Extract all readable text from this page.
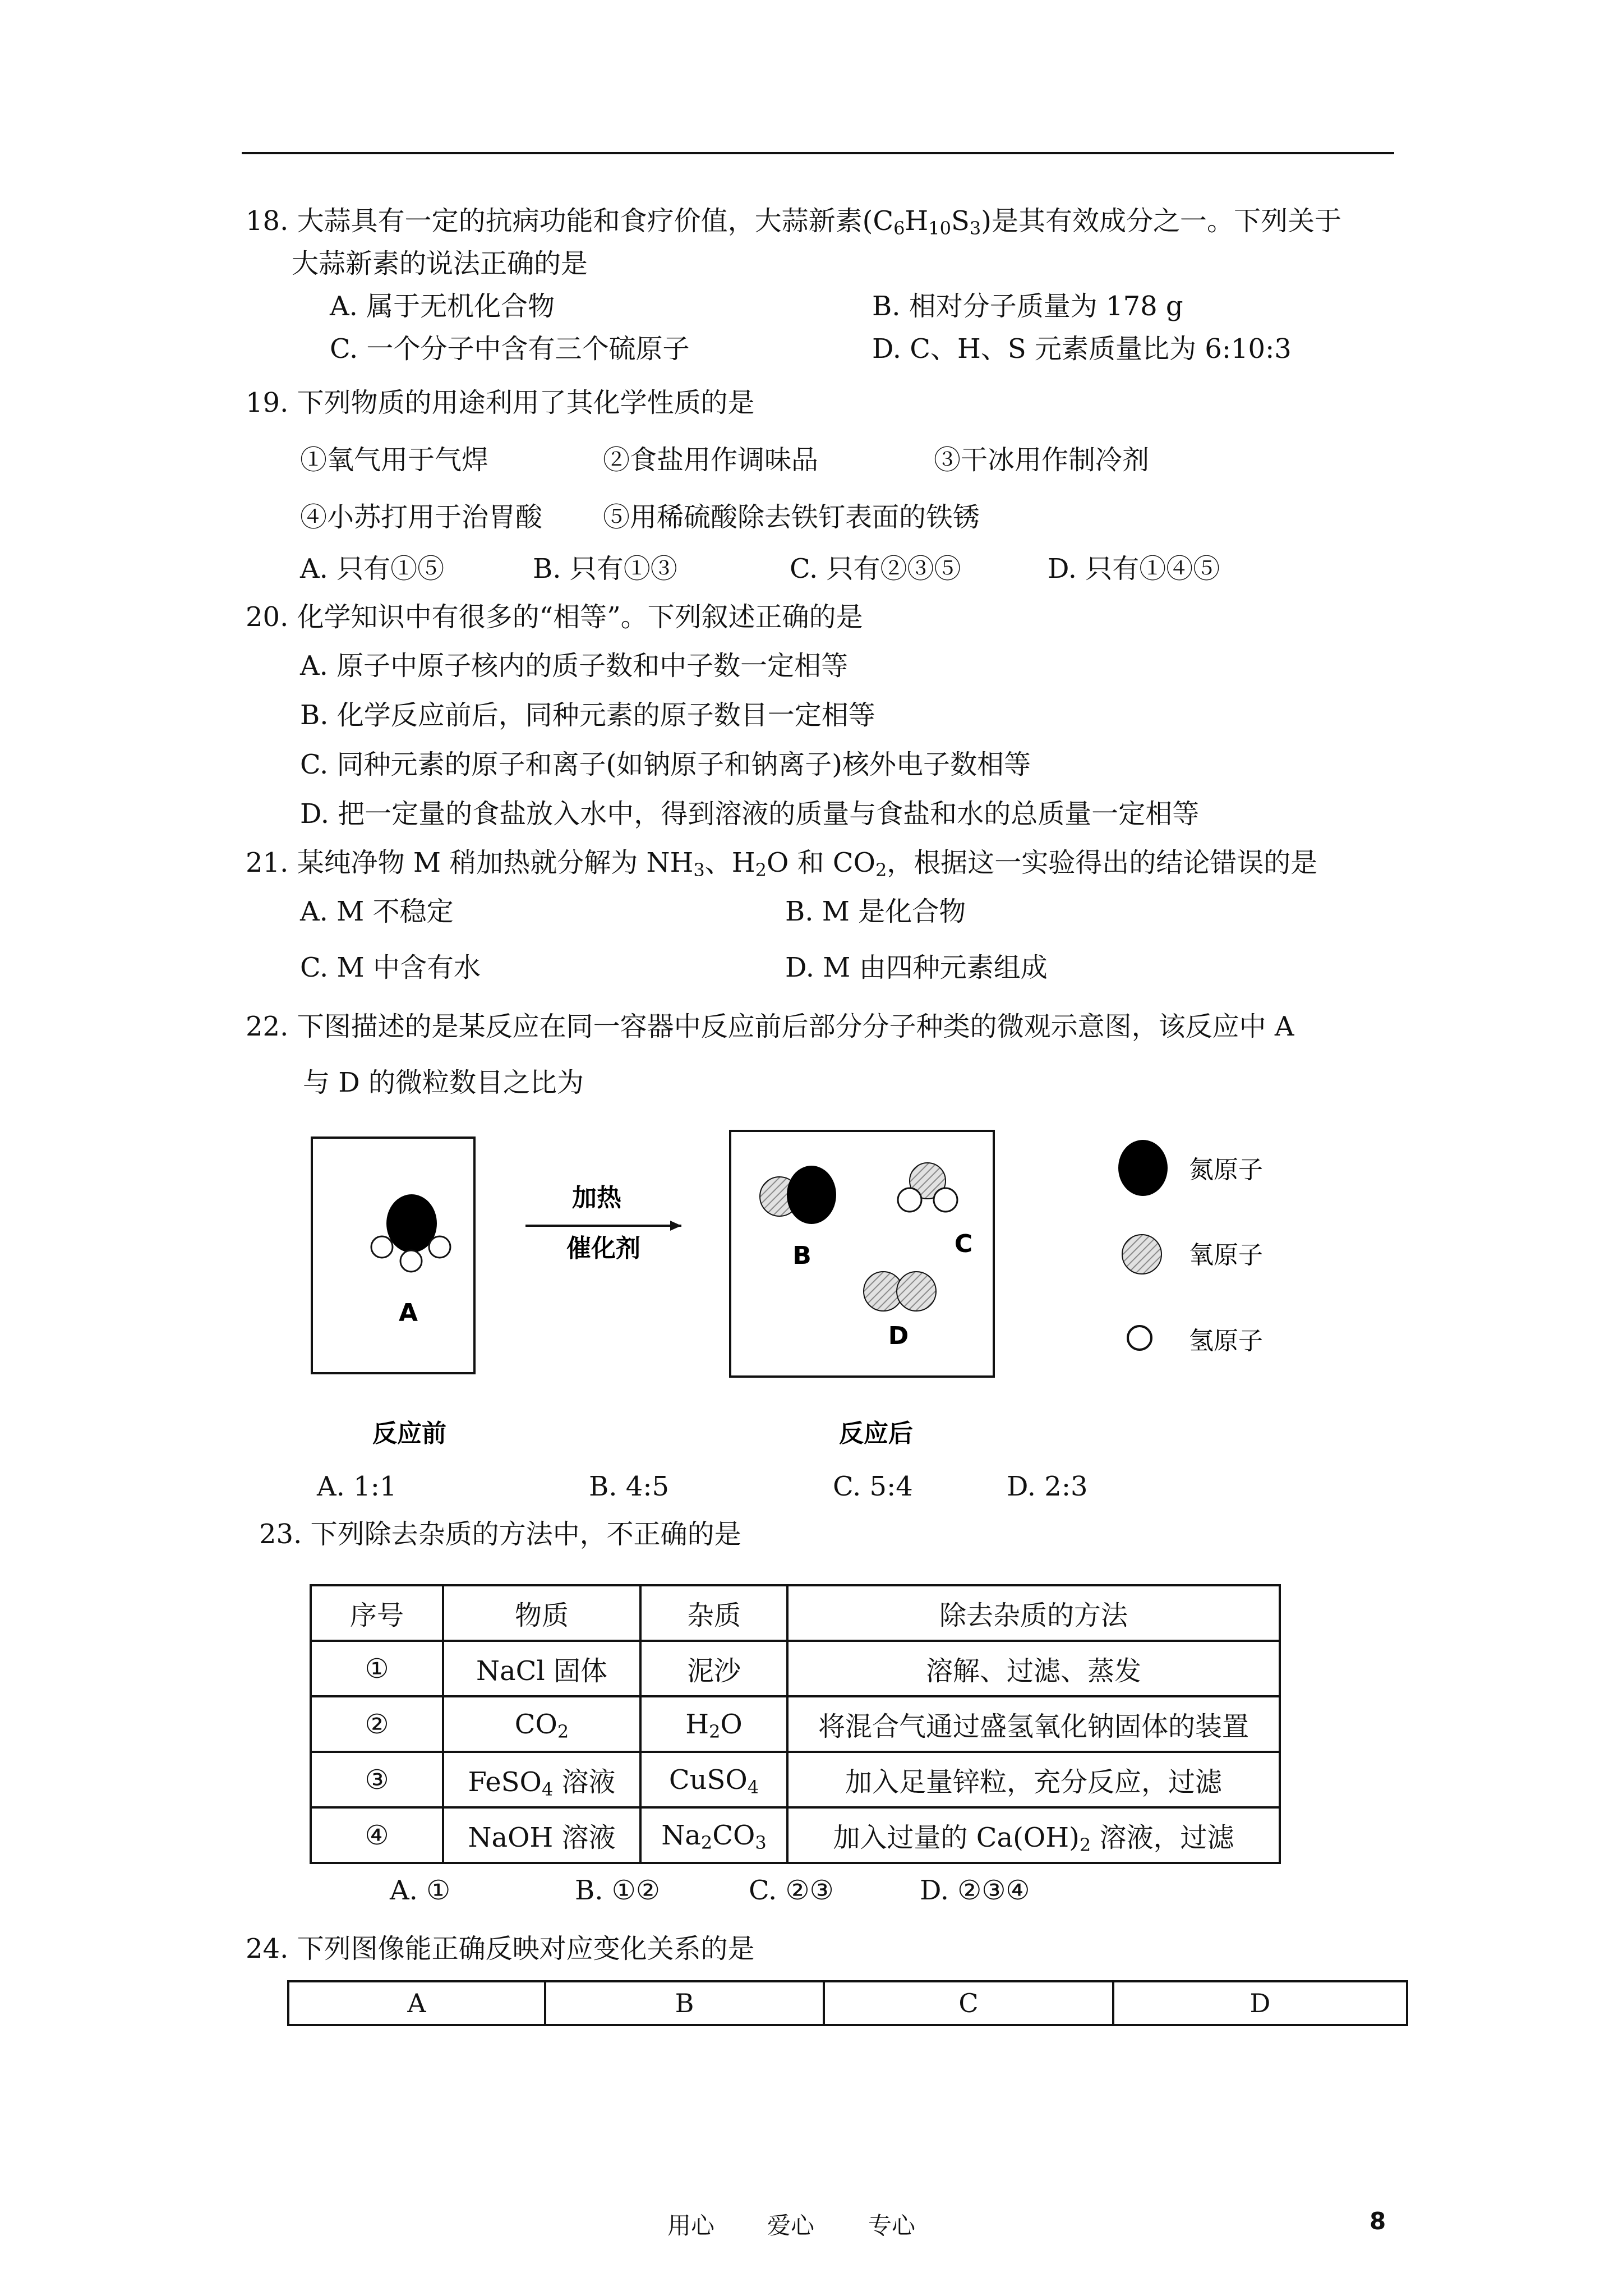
18. 大蒜具有一定的抗病功能和食疗价值，大蒜新素$(C_6H_{10}S_3)$是其有效成分之一。下列关于
大蒜新素的说法正确的是
A. 属于无机化合物	B. 相对分子质量为 178 g
C. 一个分子中含有三个硫原子	D. C、H、S 元素质量比为 6:10:3
19. 下列物质的用途利用了其化学性质的是
①氧气用于气焊	②食盐用作调味品	③干冰用作制冷剂
④小苏打用于治胃酸 ⑤用稀硫酸除去铁钉表面的铁锈
A. 只有①⑤	B. 只有①③	C. 只有②③⑤	D. 只有①④⑤
20. 化学知识中有很多的“相等”。下列叙述正确的是
A. 原子中原子核内的质子数和中子数一定相等
B. 化学反应前后，同种元素的原子数目一定相等
C. 同种元素的原子和离子(如钠原子和钠离子)核外电子数相等
D. 把一定量的食盐放入水中，得到溶液的质量与食盐和水的总质量一定相等
21. 某纯净物 M 稍加热就分解为 $NH_3$、$H_2O$ 和 $CO_2$，根据这一实验得出的结论错误的是
A. M 不稳定	B. M 是化合物
C. M 中含有水	D. M 由四种元素组成
22. 下图描述的是某反应在同一容器中反应前后部分分子种类的微观示意图，该反应中 A
与 D 的微粒数目之比为
A
加热
催化剂	B	C
D
氮原子
氧原子
氢原子
反应前	反应后
A. 1:1	B. 4:5	C. 5:4	D. 2:3
23. 下列除去杂质的方法中，不正确的是
序号	物质	杂质	除去杂质的方法
①	NaCl 固体	泥沙	溶解、过滤、蒸发
②	$CO_2$	$H_2O$	将混合气通过盛氢氧化钠固体的装置
③	FeSO$_4$ 溶液	CuSO$_4$	加入足量锌粒，充分反应，过滤
④	NaOH 溶液	$Na_2CO_3$	加入过量的 $Ca(OH)_2$ 溶液，过滤
A. ①	B. ①②	C. ②③	D. ②③④
24. 下列图像能正确反映对应变化关系的是
A	B	C	D
用心 爱心 专心	8
